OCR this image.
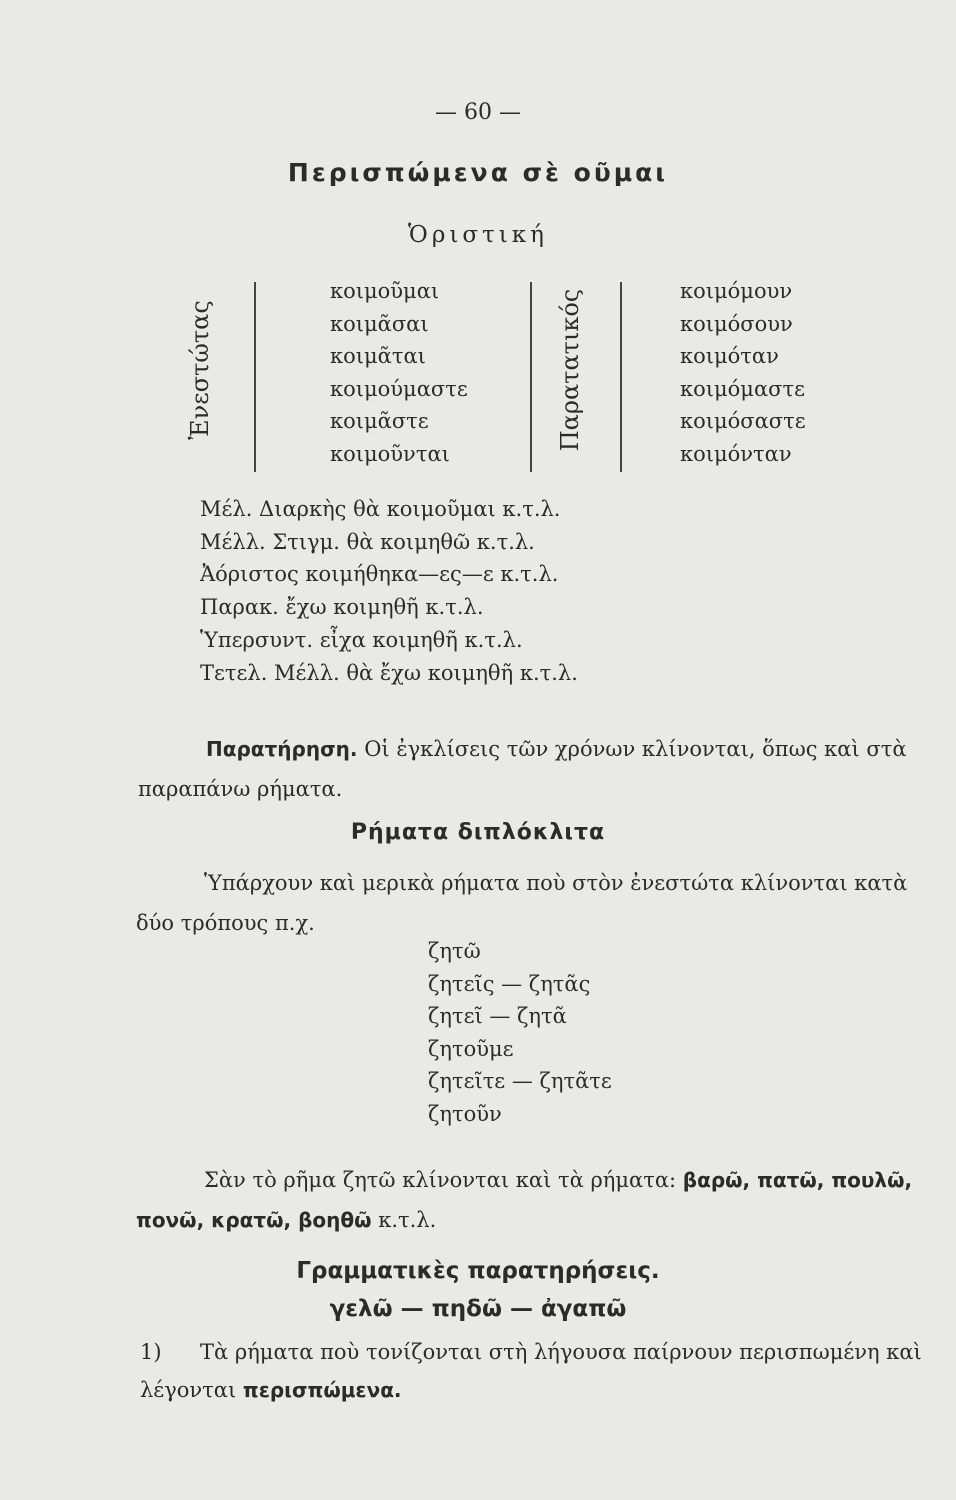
— 60 —
Περισπώμενα σὲ οῦμαι
Ὁριστική
Ἐνεστώτας
κοιμοῦμαι
κοιμᾶσαι
κοιμᾶται
κοιμούμαστε
κοιμᾶστε
κοιμοῦνται
Παρατατικός	κοιμόμουν
κοιμόσουν
κοιμόταν
κοιμόμαστε
κοιμόσαστε
κοιμόνταν
Μέλ. Διαρκὴς θὰ κοιμοῦμαι κ.τ.λ.
Μέλλ. Στιγμ. θὰ κοιμηθῶ κ.τ.λ.
Ἀόριστος κοιμήθηκα—ες—ε κ.τ.λ.
Παρακ. ἔχω κοιμηθῆ κ.τ.λ.
Ὑπερσυντ. εἶχα κοιμηθῆ κ.τ.λ.
Τετελ. Μέλλ. θὰ ἔχω κοιμηθῆ κ.τ.λ.
Παρατήρηση. Οἱ ἐγκλίσεις τῶν χρόνων κλίνονται, ὅπως καὶ στὰ παραπάνω ρήματα.
Ρήματα διπλόκλιτα
Ὑπάρχουν καὶ μερικὰ ρήματα ποὺ στὸν ἐνεστώτα κλίνονται κατὰ δύο τρόπους π.χ.
ζητῶ
ζητεῖς — ζητᾶς
ζητεῖ — ζητᾶ
ζητοῦμε
ζητεῖτε — ζητᾶτε
ζητοῦν
Σὰν τὸ ρῆμα ζητῶ κλίνονται καὶ τὰ ρήματα: βαρῶ, πατῶ, πουλῶ, πονῶ, κρατῶ, βοηθῶ κ.τ.λ.
Γραμματικὲς παρατηρήσεις.
γελῶ — πηδῶ — ἀγαπῶ
1) Τὰ ρήματα ποὺ τονίζονται στὴ λήγουσα παίρνουν περισπωμένη καὶ λέγονται περισπώμενα.
